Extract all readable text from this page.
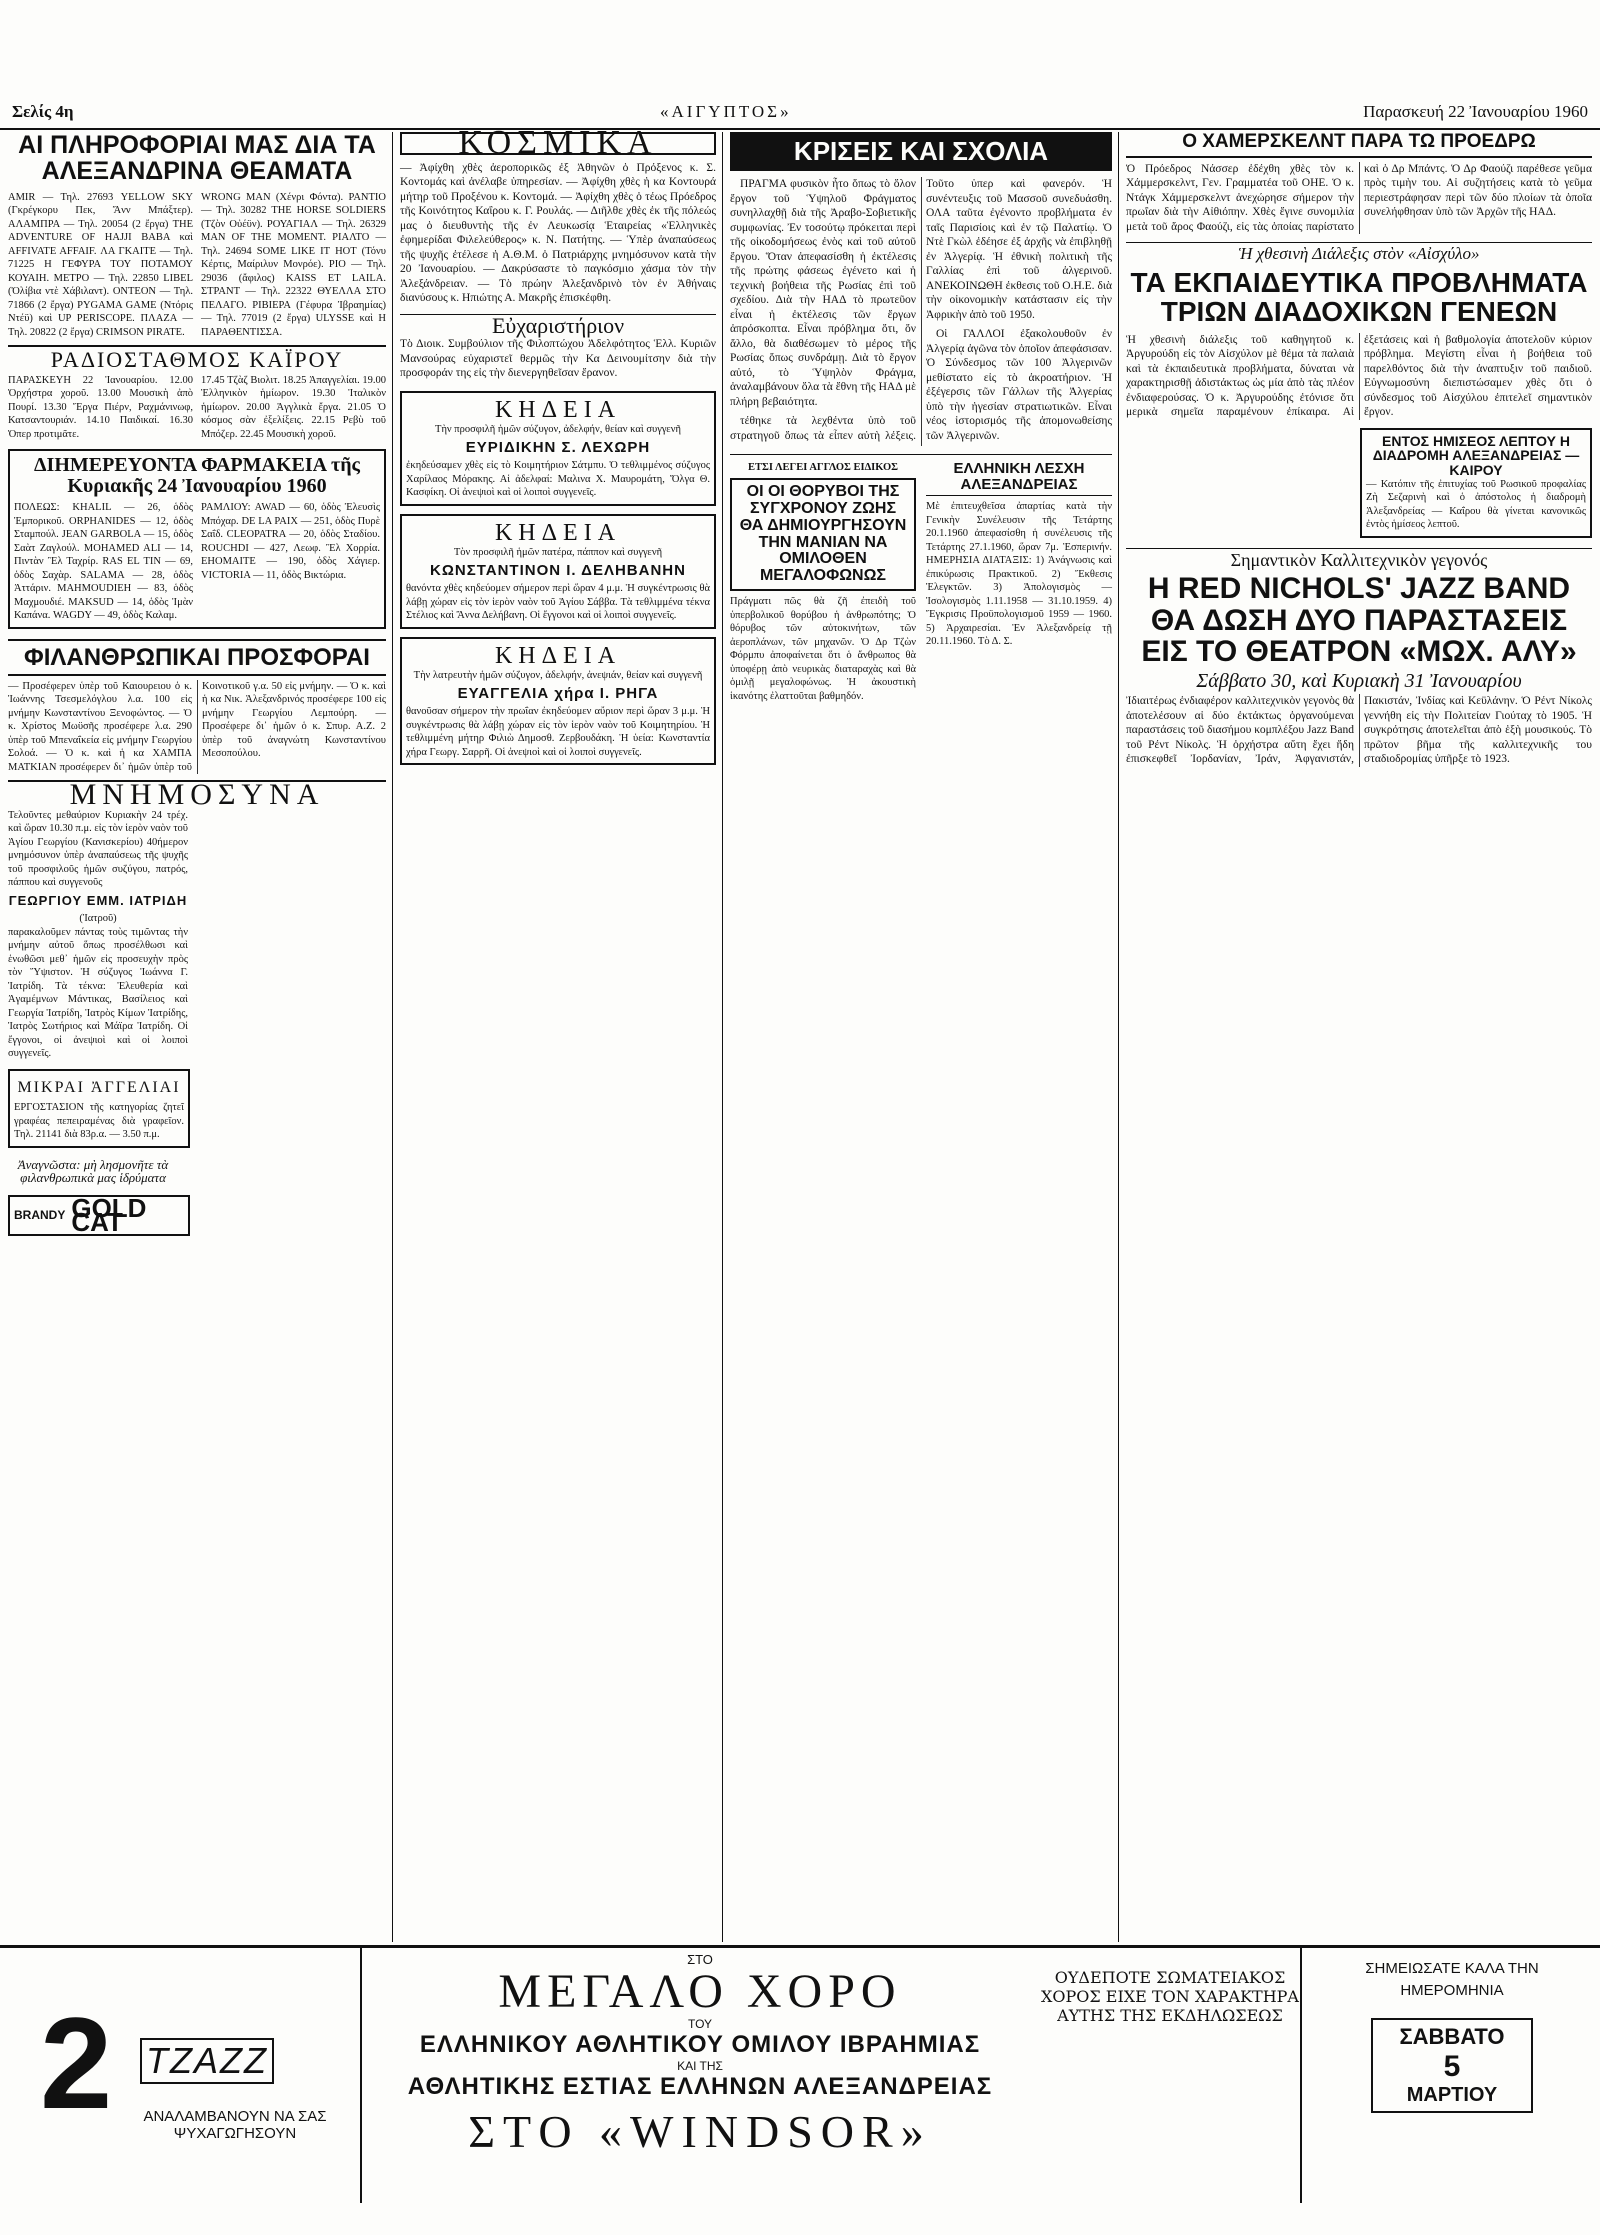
Σελίς 4η	«ΑΙΓΥΠΤΟΣ»	Παρασκευή 22 Ἰανουαρίου 1960
ΑΙ ΠΛΗΡΟΦΟΡΙΑΙ ΜΑΣ ΔΙΑ ΤΑ ΑΛΕΞΑΝΔΡΙΝΑ ΘΕΑΜΑΤΑ
AMIR — Τηλ. 27693 YELLOW SKY (Γκρέγκορυ Πεκ, Ἄνν Μπάξτερ). ΑΛΑΜΠΡΑ — Τηλ. 20054 (2 ἔργα) THE ADVENTURE OF HAJJI BABA καὶ AFFIVATE AFFAIF. ΛΑ ΓΚΑΙΤΕ — Τηλ. 71225 Η ΓΕΦΥΡΑ ΤΟΥ ΠΟΤΑΜΟΥ ΚΟΥΑΙΗ. ΜΕΤΡΟ — Τηλ. 22850 LIBEL (Ὀλίβια ντὲ Χάβιλαντ). ΟΝΤΕΟΝ — Τηλ. 71866 (2 ἔργα) PYGAMA GAME (Ντόρις Ντέϋ) καὶ UP PERISCOPE. ΠΛΑΖΑ — Τηλ. 20822 (2 ἔργα) CRIMSON PIRATE.
WRONG MAN (Χένρι Φόντα). ΡΑΝΤΙΟ — Τηλ. 30282 THE HORSE SOLDIERS (Τζὸν Οὐέϋν). ΡΟΥΑΓΙΑΛ — Τηλ. 26329 MAN OF THE MOMENT. ΡΙΑΛΤΟ — Τηλ. 24694 SOME LIKE IT HOT (Τόνυ Κέρτις, Μαίριλυν Μονρόε). ΡΙΟ — Τηλ. 29036 (ἄφιλος) KAISS ET LAILA. ΣΤΡΑΝΤ — Τηλ. 22322 ΘΥΕΛΛΑ ΣΤΟ ΠΕΛΑΓΟ. ΡΙΒΙΕΡΑ (Γέφυρα Ἰβραημίας) — Τηλ. 77019 (2 ἔργα) ULYSSE καὶ Η ΠΑΡΑΘΕΝΤΙΣΣΑ.
ΡΑΔΙΟΣΤΑΘΜΟΣ ΚΑΪΡΟΥ
ΠΑΡΑΣΚΕΥΗ 22 Ἰανουαρίου. 12.00 Ὀρχήστρα χοροῦ. 13.00 Μουσικὴ ἀπὸ Πουρί. 13.30 Ἔργα Πιέρν, Ραχμάνινωφ, Κατσαντουριάν. 14.10 Παιδικαί. 16.30 Ὀπερ προτιμᾶτε.
17.45 Τζὰζ Βιολιτ. 18.25 Ἀπαγγελίαι. 19.00 Ἑλληνικὸν ἡμίωρον. 19.30 Ἰταλικὸν ἡμίωρον. 20.00 Ἀγγλικὰ ἔργα. 21.05 Ὁ κόσμος σὰν ἐξελίξεις. 22.15 Ρεβὺ τοῦ Μπόζερ. 22.45 Μουσικὴ χοροῦ.
ΔΙΗΜΕΡΕΥΟΝΤΑ ΦΑΡΜΑΚΕΙΑ τῆς Κυριακῆς 24 Ἰανουαρίου 1960
ΠΟΛΕΩΣ: KHALIL — 26, ὁδὸς Ἐμπορικοῦ. ORPHANIDES — 12, ὁδὸς Σταμπούλ. JEAN GARBOLA — 15, ὁδὸς Σαὰτ Ζαγλούλ. MOHAMED ALI — 14, Πιντὰν Ἒλ Ταχρίρ. RAS EL TIN — 69, ὁδὸς Σαχὰρ. SALAMA — 28, ὁδὸς Ἀττάριν. MAHMOUDIEH — 83, ὁδὸς Μαχμουδιέ. MAKSUD — 14, ὁδὸς Ἰμὰν Καπάνα. WAGDY — 49, ὁδὸς Καλαμ.
ΡΑΜΛΙΟΥ: AWAD — 60, ὁδὸς Ἐλευσὶς Μπόχαρ. DE LA PAIX — 251, ὁδὸς Πυρὲ Σαΐδ. CLEOPATRA — 20, ὁδὸς Σταδίου. ROUCHDI — 427, Λεωφ. Ἒλ Χορρία. EHOMAITE — 190, ὁδὸς Χάγιερ. VICTORIA — 11, ὁδὸς Βικτώρια.
ΦΙΛΑΝΘΡΩΠΙΚΑΙ ΠΡΟΣΦΟΡΑΙ
— Προσέφερεν ὑπὲρ τοῦ Καιουρειου ὁ κ. Ἰωάννης Τσεσμελόγλου λ.α. 100 εἰς μνήμην Κωνσταντίνου Ξενοφώντος. — Ὁ κ. Χρίστος Μωϋσῆς προσέφερε λ.α. 290 ὑπὲρ τοῦ Μπεναΐκεία εἰς μνήμην Γεωργίου Σολοά. — Ὁ κ. καὶ ἡ κα ΧΑΜΠΑ ΜΑΤΚΙΑΝ προσέφερεν δι᾽ ἡμῶν ὑπὲρ τοῦ Κοινοτικοῦ γ.α. 50 εἰς μνήμην. — Ὁ κ. καὶ ἡ κα Νικ. Ἀλεξανδρινός προσέφερε 100 εἰς μνήμην Γεωργίου Λεμπούρη. — Προσέφερε δι᾽ ἡμῶν ὁ κ. Σπυρ. Α.Ζ. 2 ὑπὲρ τοῦ ἀναγνώτη Κωνσταντίνου Μεσοπούλου.
ΜΝΗΜΟΣΥΝΑ
Τελοῦντες μεθαύριον Κυριακὴν 24 τρέχ. καὶ ὥραν 10.30 π.μ. εἰς τὸν ἱερὸν ναὸν τοῦ Ἁγίου Γεωργίου (Κανισκερίου) 40ήμερον μνημόσυνον ὑπὲρ ἀναπαύσεως τῆς ψυχῆς τοῦ προσφιλοῦς ἡμῶν συζύγου, πατρός, πάππου καὶ συγγενοῦς
ΓΕΩΡΓΙΟΥ ΕΜΜ. ΙΑΤΡΙΔΗ
(Ἰατροῦ)
παρακαλοῦμεν πάντας τοὺς τιμῶντας τὴν μνήμην αὐτοῦ ὅπως προσέλθωσι καὶ ἑνωθῶσι μεθ᾽ ἡμῶν εἰς προσευχὴν πρὸς τὸν Ὕψιστον. Ἡ σύζυγος Ἰωάννα Γ. Ἰατρίδη. Τὰ τέκνα: Ἐλευθερία καὶ Ἀγαμέμνων Μάντικας, Βασίλειος καὶ Γεωργία Ἰατρίδη, Ἰατρὸς Κίμων Ἰατρίδης, Ἰατρὸς Σωτήριος καὶ Μάϊρα Ἰατρίδη. Οἱ ἔγγονοι, οἱ ἀνεψιοὶ καὶ οἱ λοιποὶ συγγενεῖς.
ΜΙΚΡΑΙ ἈΓΓΕΛΙΑΙ
ΕΡΓΟΣΤΑΣΙΟΝ τῆς κατηγορίας ζητεῖ γραφέας πεπειραμένας διὰ γραφεῖον. Τηλ. 21141 διὰ 83ρ.α. — 3.50 π.μ.
Ἀναγνῶστα: μὴ λησμονῆτε τὰ φιλανθρωπικὰ μας ἱδρύματα
BRANDY GOLD CAT
ΚΟΣΜΙΚΑ
— Ἀφίχθη χθὲς ἀεροπορικῶς ἐξ Ἀθηνῶν ὁ Πρόξενος κ. Σ. Κοντομάς καὶ ἀνέλαβε ὑπηρεσίαν. — Ἀφίχθη χθὲς ἡ κα Κοντουρά μήτηρ τοῦ Προξένου κ. Κοντομά. — Ἀφίχθη χθὲς ὁ τέως Πρόεδρος τῆς Κοινότητος Καΐρου κ. Γ. Ρουλάς. — Διῆλθε χθὲς ἐκ τῆς πόλεώς μας ὁ διευθυντὴς τῆς ἐν Λευκωσίᾳ Ἑταιρείας «Ἑλληνικὲς ἐφημερίδαι Φιλελεύθερος» κ. Ν. Πατήτης. — Ὑπὲρ ἀναπαύσεως τῆς ψυχῆς ἐτέλεσε ἡ Α.Θ.Μ. ὁ Πατριάρχης μνημόσυνον κατὰ τὴν 20 Ἰανουαρίου. — Δακρύσαστε τὸ παγκόσμιο χάσμα τὸν τὴν Ἀλεξάνδρειαν. — Τὸ πρώην Ἀλεξανδρινὸ τὸν ἐν Ἀθήναις διανύσους κ. Ηπιώτης Α. Μακρῆς ἐπισκέφθη.
Εὐχαριστήριον
Τὸ Διοικ. Συμβούλιον τῆς Φιλοπτώχου Ἀδελφότητος Ἑλλ. Κυριῶν Μανσούρας εὐχαριστεῖ θερμῶς τὴν Κα Δεινουμίτσην διὰ τὴν προσφοράν της εἰς τὴν διενεργηθεῖσαν ἔρανον.
ΚΗΔΕΙΑ
Τὴν προσφιλῆ ἡμῶν σύζυγον, ἀδελφήν, θείαν καὶ συγγενῆ
ΕΥΡΙΔΙΚΗΝ Σ. ΛΕΧΩΡΗ
ἐκηδεύσαμεν χθὲς εἰς τὸ Κοιμητήριον Σάτμπυ. Ὁ τεθλιμμένος σύζυγος Χαρίλαος Μόρακης. Αἱ ἀδελφαί: Μαλινα Χ. Μαυρομάτη, Ὄλγα Θ. Κασφίκη. Οἱ ἀνεψιοὶ καὶ οἱ λοιποὶ συγγενεῖς.
ΚΗΔΕΙΑ
Τὸν προσφιλῆ ἡμῶν πατέρα, πάππον καὶ συγγενῆ
ΚΩΝΣΤΑΝΤΙΝΟΝ Ι. ΔΕΛΗΒΑΝΗΝ
θανόντα χθὲς κηδεύομεν σήμερον περὶ ὥραν 4 μ.μ. Ἡ συγκέντρωσις θὰ λάβῃ χώραν εἰς τὸν ἱερὸν ναὸν τοῦ Ἁγίου Σάββα. Τὰ τεθλιμμένα τέκνα Στέλιος καὶ Ἄννα Δελήβανη. Οἱ ἔγγονοι καὶ οἱ λοιποὶ συγγενεῖς.
ΚΗΔΕΙΑ
Τὴν λατρευτὴν ἡμῶν σύζυγον, ἀδελφήν, ἀνεψιάν, θείαν καὶ συγγενῆ
ΕΥΑΓΓΕΛΙΑ χήρα Ι. ΡΗΓΑ
θανοῦσαν σήμερον τὴν πρωΐαν ἐκηδεύομεν αὔριον περὶ ὥραν 3 μ.μ. Ἡ συγκέντρωσις θὰ λάβῃ χώραν εἰς τὸν ἱερὸν ναὸν τοῦ Κοιμητηρίου. Ἡ τεθλιμμένη μήτηρ Φιλιὼ Δημοσθ. Ζερβουδάκη. Ἡ ὑεία: Κωνσταντία χήρα Γεωργ. Σαρρῆ. Οἱ ἀνεψιοὶ καὶ οἱ λοιποὶ συγγενεῖς.
ΚΡΙΣΕΙΣ ΚΑΙ ΣΧΟΛΙΑ

ΠΡΑΓΜΑ φυσικὸν ἦτο ὅπως τὸ ὅλον ἔργον τοῦ Ὑψηλοῦ Φράγματος συνηλλαχθῇ διὰ τῆς Ἀραβο-Σοβιετικῆς συμφωνίας. Ἐν τοσούτῳ πρόκειται περὶ τῆς οἰκοδομήσεως ἐνὸς καὶ τοῦ αὐτοῦ ἔργου. Ὅταν ἀπεφασίσθη ἡ ἐκτέλεσις τῆς πρώτης φάσεως ἐγένετο καὶ ἡ τεχνικὴ βοήθεια τῆς Ρωσίας ἐπὶ τοῦ σχεδίου. Διὰ τὴν ΗΑΔ τὸ πρωτεῦον εἶναι ἡ ἐκτέλεσις τῶν ἔργων ἀπρόσκοπτα. Εἶναι πρόβλημα ὅτι, ὅν ἄλλο, θὰ διαθέσωμεν τὸ μέρος τῆς Ρωσίας ὅπως συνδράμῃ. Διὰ τὸ ἔργον αὐτό, τὸ Ὑψηλὸν Φράγμα, ἀναλαμβάνουν ὅλα τὰ ἔθνη τῆς ΗΑΔ μὲ πλήρη βεβαιότητα.

τέθηκε τὰ λεχθέντα ὑπὸ τοῦ στρατηγοῦ ὅπως τὰ εἶπεν αὐτὴ λέξεις. Τοῦτο ὑπερ καὶ φανερόν. Ἡ συνέντευξις τοῦ Μασσοῦ συνεδυάσθη. ΟΛΑ ταῦτα ἐγένοντο προβλήματα ἐν ταῖς Παρισίοις καὶ ἐν τῷ Παλατίῳ. Ὁ Ντὲ Γκὼλ ἐδέησε ἐξ ἀρχῆς νὰ ἐπιβληθῇ ἐν Ἀλγερίᾳ. Ἡ ἐθνικὴ πολιτικὴ τῆς Γαλλίας ἐπὶ τοῦ ἀλγερινοῦ. ΑΝΕΚΟΙΝΩΘΗ ἐκθεσις τοῦ Ο.Η.Ε. διὰ τὴν οἰκονομικὴν κατάστασιν εἰς τὴν Ἀφρικὴν ἀπὸ τοῦ 1950.

Οἱ ΓΑΛΛΟΙ ἐξακολουθοῦν ἐν Ἀλγερίᾳ ἀγῶνα τὸν ὁποῖον ἀπεφάσισαν. Ὁ Σύνδεσμος τῶν 100 Ἀλγερινῶν μεθίστατο εἰς τὸ ἀκροατήριον. Ἡ ἐξέγερσις τῶν Γάλλων τῆς Ἀλγερίας ὑπὸ τὴν ἡγεσίαν στρατιωτικῶν. Εἶναι νέος ἱστορισμός τῆς ἀπομονωθείσης τῶν Ἀλγερινῶν.

ΕΤΣΙ ΛΕΓΕΙ ΑΓΓΛΟΣ ΕΙΔΙΚΟΣ
ΟΙ ΟΙ ΘΟΡΥΒΟΙ ΤΗΣ ΣΥΓΧΡΟΝΟΥ ΖΩΗΣ ΘΑ ΔΗΜΙΟΥΡΓΗΣΟΥΝ ΤΗΝ ΜΑΝΙΑΝ ΝΑ ΟΜΙΛΟΘΕΝ ΜΕΓΑΛΟΦΩΝΩΣ
Πράγματι πῶς θὰ ζῆ ἐπειδὴ τοῦ ὑπερβολικοῦ θορύβου ἡ ἀνθρωπότης; Ὁ θόρυβος τῶν αὐτοκινήτων, τῶν ἀεροπλάνων, τῶν μηχανῶν. Ὁ Δρ Τζὼν Φόρμπυ ἀποφαίνεται ὅτι ὁ ἄνθρωπος θὰ ὑποφέρῃ ἀπὸ νευρικὰς διαταραχὰς καὶ θὰ ὁμιλῇ μεγαλοφώνως. Ἡ ἀκουστικὴ ἱκανότης ἐλαττοῦται βαθμηδόν.
ΕΛΛΗΝΙΚΗ ΛΕΣΧΗ ΑΛΕΞΑΝΔΡΕΙΑΣ
Μὲ ἐπιτευχθεῖσα ἀπαρτίας κατὰ τὴν Γενικὴν Συνέλευσιν τῆς Τετάρτης 20.1.1960 ἀπεφασίσθη ἡ συνέλευσις τῆς Τετάρτης 27.1.1960, ὥραν 7μ. Ἑσπερινήν. ΗΜΕΡΗΣΙΑ ΔΙΑΤΑΞΙΣ: 1) Ἀνάγνωσις καὶ ἐπικύρωσις Πρακτικοῦ. 2) Ἔκθεσις Ἐλεγκτῶν. 3) Ἀπολογισμὸς — Ἰσολογισμὸς 1.11.1958 — 31.10.1959. 4) Ἔγκρισις Προϋπολογισμοῦ 1959 — 1960. 5) Ἀρχαιρεσίαι. Ἐν Ἀλεξανδρείᾳ τῇ 20.11.1960. Τὸ Δ. Σ.
Ο ΧΑΜΕΡΣΚΕΛΝΤ ΠΑΡΑ ΤΩ ΠΡΟΕΔΡΩ
Ὁ Πρόεδρος Νάσσερ ἐδέχθη χθὲς τὸν κ. Χάμμερσκελντ, Γεν. Γραμματέα τοῦ ΟΗΕ. Ὁ κ. Ντάγκ Χάμμερσκελντ ἀνεχώρησε σήμερον τὴν πρωΐαν διὰ τὴν Αἰθιόπην. Χθὲς ἔγινε συνομιλία μετὰ τοῦ ἄρος Φαούζι, εἰς τὰς ὁποίας παρίστατο καὶ ὁ Δρ Μπάντς. Ὁ Δρ Φαούζι παρέθεσε γεῦμα πρὸς τιμὴν του. Αἱ συζητήσεις κατὰ τὸ γεῦμα περιεστράφησαν περὶ τῶν δύο πλοίων τὰ ὁποῖα συνελήφθησαν ὑπὸ τῶν Ἀρχῶν τῆς ΗΑΔ.
Ἡ χθεσινὴ Διάλεξις στὸν «Αἰσχύλο»
ΤΑ ΕΚΠΑΙΔΕΥΤΙΚΑ ΠΡΟΒΛΗΜΑΤΑ ΤΡΙΩΝ ΔΙΑΔΟΧΙΚΩΝ ΓΕΝΕΩΝ
Ἡ χθεσινὴ διάλεξις τοῦ καθηγητοῦ κ. Ἀργυρούδη εἰς τὸν Αἰσχύλον μὲ θέμα τὰ παλαιὰ καὶ τὰ ἐκπαιδευτικὰ προβλήματα, δύναται νὰ χαρακτηρισθῇ ἀδιστάκτως ὡς μία ἀπὸ τὰς πλέον ἐνδιαφερούσας. Ὁ κ. Ἀργυρούδης ἐτόνισε ὅτι μερικὰ σημεῖα παραμένουν ἐπίκαιρα. Αἱ ἐξετάσεις καὶ ἡ βαθμολογία ἀποτελοῦν κύριον πρόβλημα. Μεγίστη εἶναι ἡ βοήθεια τοῦ παρελθόντος διὰ τὴν ἀναπτυξιν τοῦ παιδιοῦ. Εὐγνωμοσύνη διεπιστώσαμεν χθὲς ὅτι ὁ σύνδεσμος τοῦ Αἰσχύλου ἐπιτελεῖ σημαντικὸν ἔργον.
ΕΝΤΟΣ ΗΜΙΣΕΟΣ ΛΕΠΤΟΥ Η ΔΙΑΔΡΟΜΗ ΑΛΕΞΑΝΔΡΕΙΑΣ — ΚΑΙΡΟΥ
— Κατόπιν τῆς ἐπιτυχίας τοῦ Ρωσικοῦ προφαλίας Ζὴ Σεζαρινὴ καὶ ὁ ἀπόστολος ἡ διαδρομὴ Ἀλεξανδρείας — Καΐρου θὰ γίνεται κανονικῶς ἐντὸς ἡμίσεος λεπτοῦ.
Σημαντικὸν Καλλιτεχνικὸν γεγονός
Η RED NICHOLS' JAZZ BAND ΘΑ ΔΩΣΗ ΔΥΟ ΠΑΡΑΣΤΑΣΕΙΣ ΕΙΣ ΤΟ ΘΕΑΤΡΟΝ «ΜΩΧ. ΑΛΥ»
Σάββατο 30, καὶ Κυριακὴ 31 Ἰανουαρίου
Ἰδιαιτέρως ἐνδιαφέρον καλλιτεχνικὸν γεγονὸς θὰ ἀποτελέσουν αἱ δύο ἐκτάκτως ὀργανούμεναι παραστάσεις τοῦ διασήμου κομπλέξου Jazz Band τοῦ Ρέντ Νίκολς. Ἡ ὀρχήστρα αὕτη ἔχει ἤδη ἐπισκεφθεῖ Ἰορδανίαν, Ἰράν, Ἀφγανιστάν, Πακιστάν, Ἰνδίας καὶ Κεϋλάνην. Ὁ Ρέντ Νίκολς γεννήθη εἰς τὴν Πολιτείαν Γιούταχ τὸ 1905. Ἡ συγκρότησις ἀποτελεῖται ἀπὸ ἑξὴ μουσικούς. Τὸ πρῶτον βῆμα τῆς καλλιτεχνικῆς του σταδιοδρομίας ὑπῆρξε τὸ 1923.
2 ΤΖΑΖΖ
ΑΝΑΛΑΜΒΑΝΟΥΝ ΝΑ ΣΑΣ ΨΥΧΑΓΩΓΗΣΟΥΝ
ΣΤΟ
ΜΕΓΑΛΟ ΧΟΡΟ
ΤΟΥ
ΕΛΛΗΝΙΚΟΥ ΑΘΛΗΤΙΚΟΥ ΟΜΙΛΟΥ ΙΒΡΑΗΜΙΑΣ
ΚΑΙ ΤΗΣ
ΑΘΛΗΤΙΚΗΣ ΕΣΤΙΑΣ ΕΛΛΗΝΩΝ ΑΛΕΞΑΝΔΡΕΙΑΣ
ΣΤΟ «WINDSOR»
ΟΥΔΕΠΟΤΕ ΣΩΜΑΤΕΙΑΚΟΣ ΧΟΡΟΣ ΕΙΧΕ ΤΟΝ ΧΑΡΑΚΤΗΡΑ ΑΥΤΗΣ ΤΗΣ ΕΚΔΗΛΩΣΕΩΣ
ΣΗΜΕΙΩΣΑΤΕ ΚΑΛΑ ΤΗΝ ΗΜΕΡΟΜΗΝΙΑ
ΣΑΒΒΑΤΟ
5
ΜΑΡΤΙΟΥ
